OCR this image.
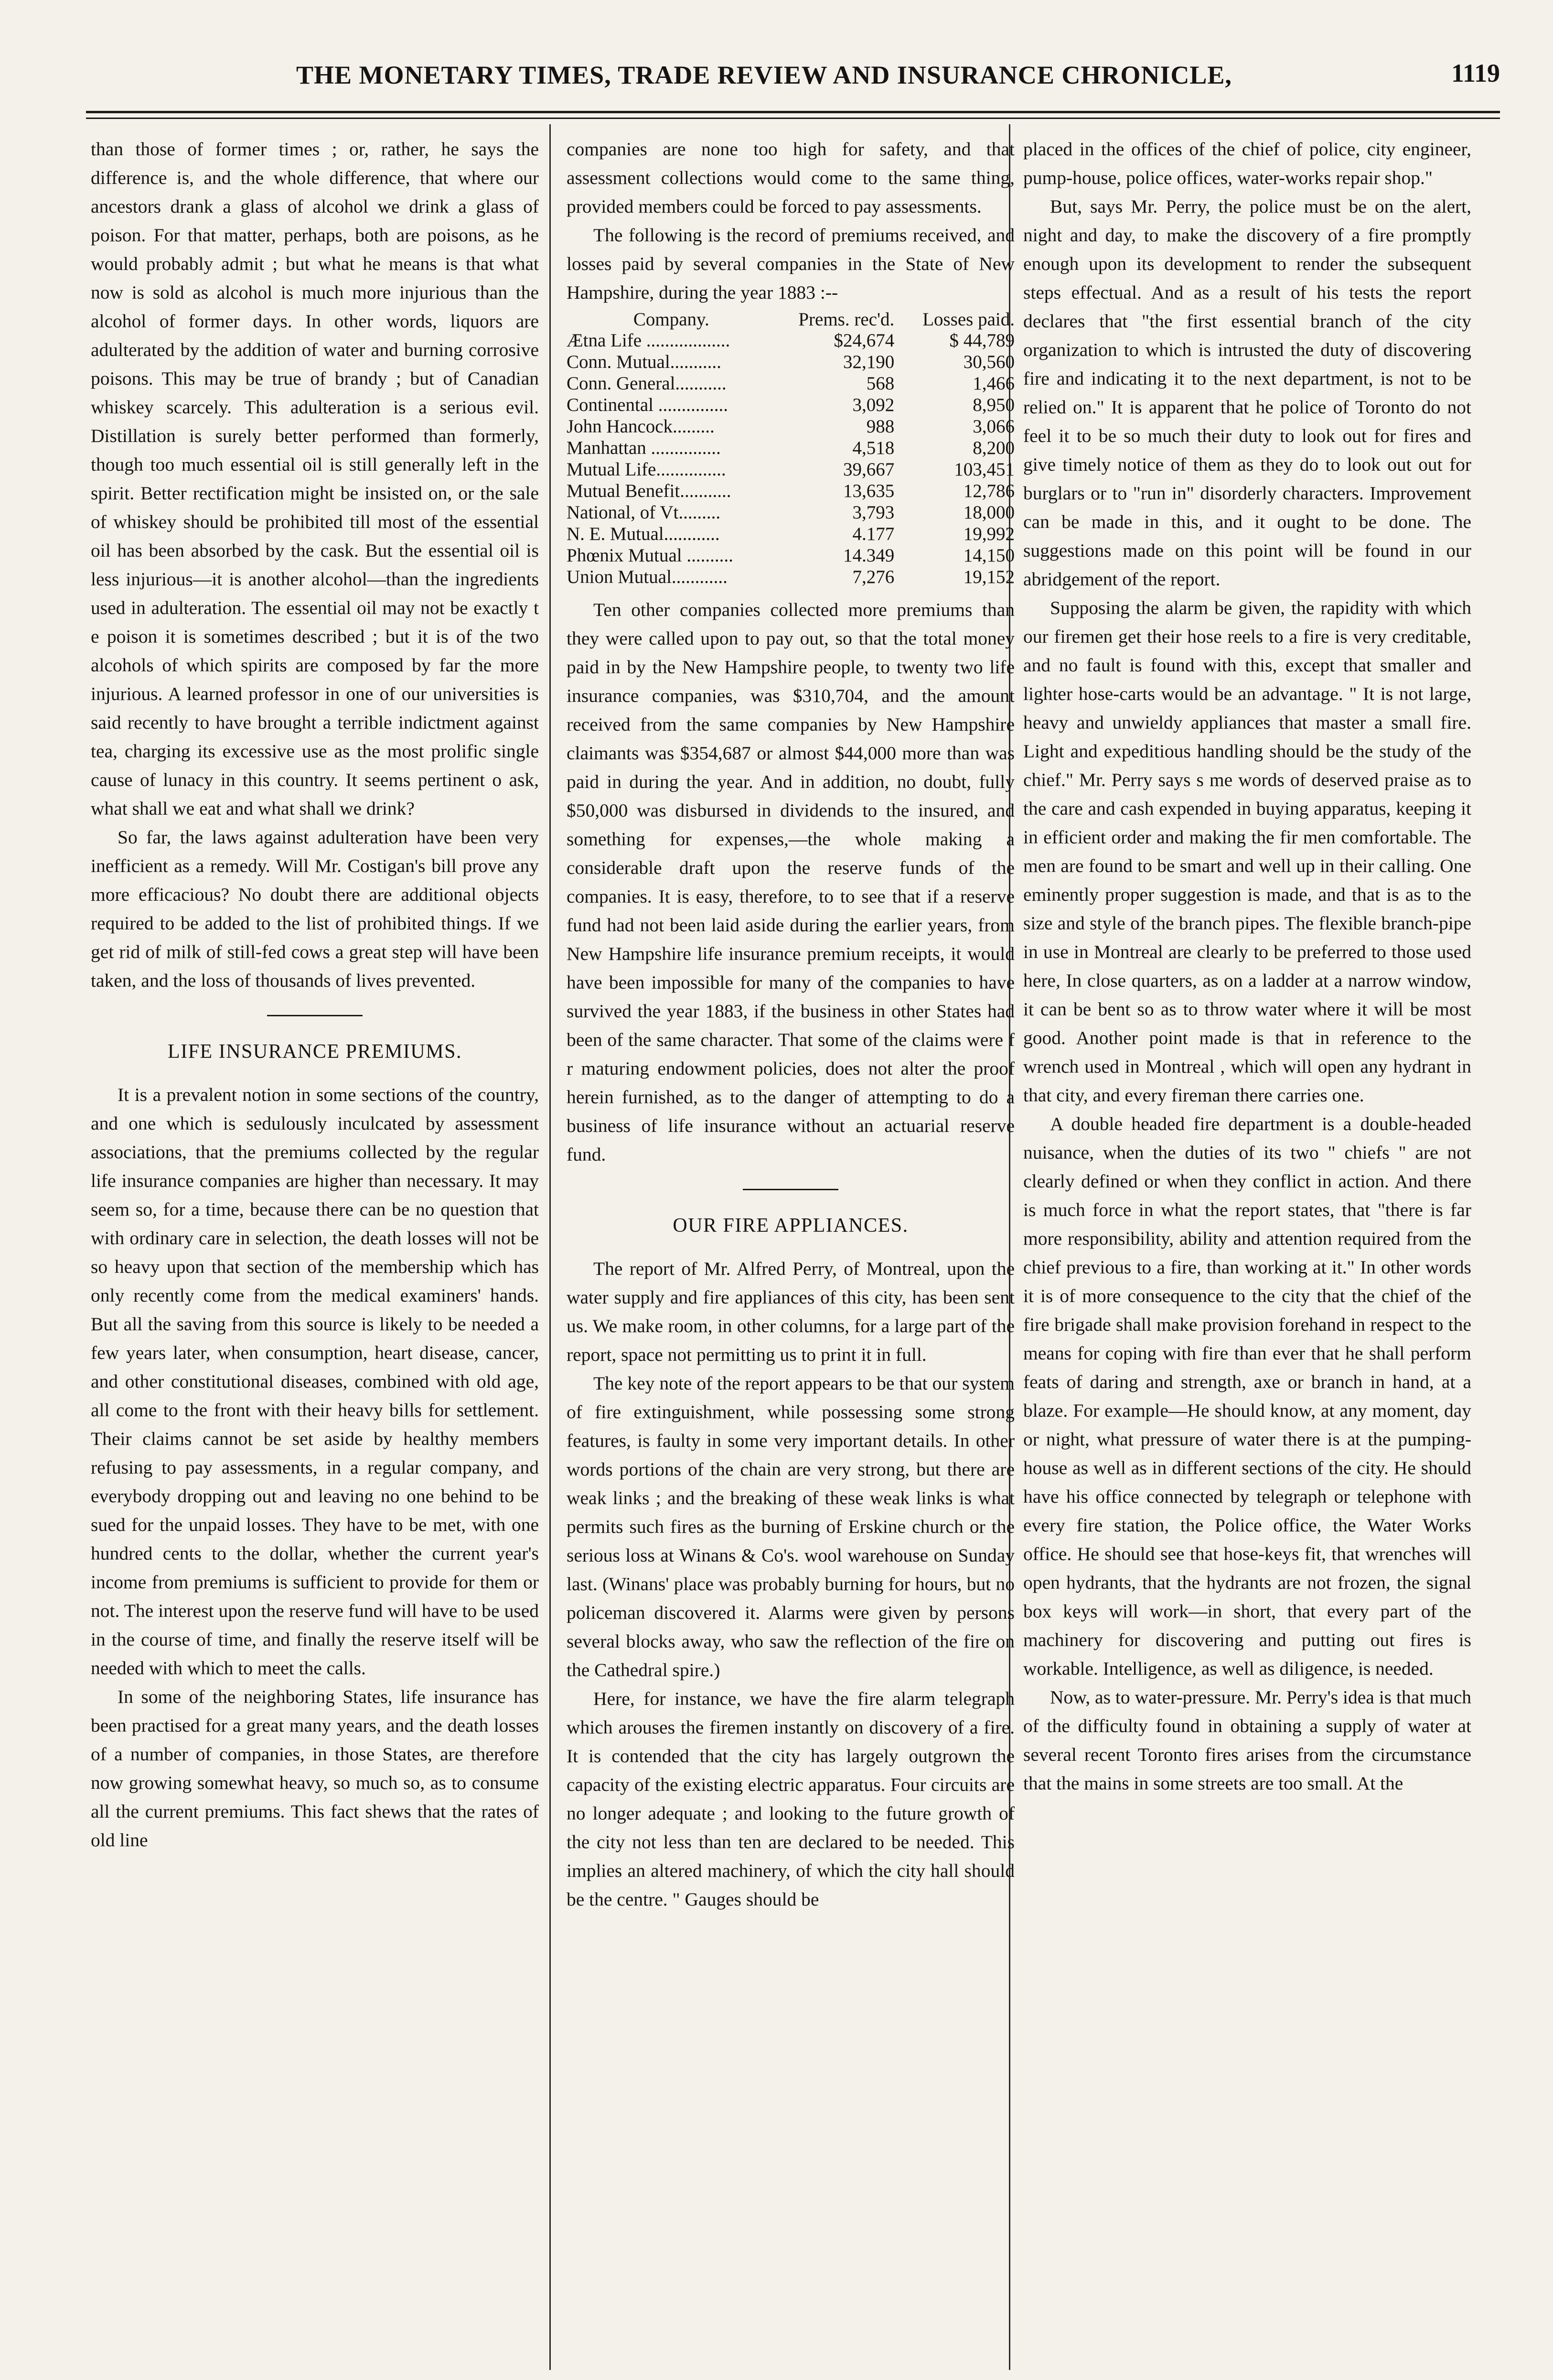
THE MONETARY TIMES, TRADE REVIEW AND INSURANCE CHRONICLE,	1119

than those of former times ; or, rather, he says the difference is, and the whole difference, that where our ancestors drank a glass of alcohol we drink a glass of poison. For that matter, perhaps, both are poisons, as he would probably admit ; but what he means is that what now is sold as alcohol is much more injurious than the alcohol of former days. In other words, liquors are adulterated by the addition of water and burning corrosive poisons. This may be true of brandy ; but of Canadian whiskey scarcely. This adulteration is a serious evil. Distillation is surely better performed than formerly, though too much essential oil is still generally left in the spirit. Better rectification might be insisted on, or the sale of whiskey should be prohibited till most of the essential oil has been absorbed by the cask. But the essential oil is less injurious—it is another alcohol—than the ingredients used in adulteration. The essential oil may not be exactly t e poison it is sometimes described ; but it is of the two alcohols of which spirits are composed by far the more injurious. A learned professor in one of our universities is said recently to have brought a terrible indictment against tea, charging its excessive use as the most prolific single cause of lunacy in this country. It seems pertinent o ask, what shall we eat and what shall we drink?

So far, the laws against adulteration have been very inefficient as a remedy. Will Mr. Costigan's bill prove any more efficacious? No doubt there are additional objects required to be added to the list of prohibited things. If we get rid of milk of still-fed cows a great step will have been taken, and the loss of thousands of lives prevented.

LIFE INSURANCE PREMIUMS.

It is a prevalent notion in some sections of the country, and one which is sedulously inculcated by assessment associations, that the premiums collected by the regular life insurance companies are higher than necessary. It may seem so, for a time, because there can be no question that with ordinary care in selection, the death losses will not be so heavy upon that section of the membership which has only recently come from the medical examiners' hands. But all the saving from this source is likely to be needed a few years later, when consumption, heart disease, cancer, and other constitutional diseases, combined with old age, all come to the front with their heavy bills for settlement. Their claims cannot be set aside by healthy members refusing to pay assessments, in a regular company, and everybody dropping out and leaving no one behind to be sued for the unpaid losses. They have to be met, with one hundred cents to the dollar, whether the current year's income from premiums is sufficient to provide for them or not. The interest upon the reserve fund will have to be used in the course of time, and finally the reserve itself will be needed with which to meet the calls.

In some of the neighboring States, life insurance has been practised for a great many years, and the death losses of a number of companies, in those States, are therefore now growing somewhat heavy, so much so, as to consume all the current premiums. This fact shews that the rates of old line

companies are none too high for safety, and that assessment collections would come to the same thing, provided members could be forced to pay assessments.

The following is the record of premiums received, and losses paid by several companies in the State of New Hampshire, during the year 1883 :--

Company.	Prems. rec'd.	Losses paid.
Ætna Life ..................	$24,674	$ 44,789
Conn. Mutual...........	32,190	30,560
Conn. General...........	568	1,466
Continental ...............	3,092	8,950
John Hancock.........	988	3,066
Manhattan ...............	4,518	8,200
Mutual Life...............	39,667	103,451
Mutual Benefit...........	13,635	12,786
National, of Vt.........	3,793	18,000
N. E. Mutual............	4.177	19,992
Phœnix Mutual ..........	14.349	14,150
Union Mutual............	7,276	19,152

Ten other companies collected more premiums than they were called upon to pay out, so that the total money paid in by the New Hampshire people, to twenty two life insurance companies, was $310,704, and the amount received from the same companies by New Hampshire claimants was $354,687 or almost $44,000 more than was paid in during the year. And in addition, no doubt, fully $50,000 was disbursed in dividends to the insured, and something for expenses,—the whole making a considerable draft upon the reserve funds of the companies. It is easy, therefore, to to see that if a reserve fund had not been laid aside during the earlier years, from New Hampshire life insurance premium receipts, it would have been impossible for many of the companies to have survived the year 1883, if the business in other States had been of the same character. That some of the claims were f r maturing endowment policies, does not alter the proof herein furnished, as to the danger of attempting to do a business of life insurance without an actuarial reserve fund.

OUR FIRE APPLIANCES.

The report of Mr. Alfred Perry, of Montreal, upon the water supply and fire appliances of this city, has been sent us. We make room, in other columns, for a large part of the report, space not permitting us to print it in full.

The key note of the report appears to be that our system of fire extinguishment, while possessing some strong features, is faulty in some very important details. In other words portions of the chain are very strong, but there are weak links ; and the breaking of these weak links is what permits such fires as the burning of Erskine church or the serious loss at Winans & Co's. wool warehouse on Sunday last. (Winans' place was probably burning for hours, but no policeman discovered it. Alarms were given by persons several blocks away, who saw the reflection of the fire on the Cathedral spire.)

Here, for instance, we have the fire alarm telegraph which arouses the firemen instantly on discovery of a fire. It is contended that the city has largely outgrown the capacity of the existing electric apparatus. Four circuits are no longer adequate ; and looking to the future growth of the city not less than ten are declared to be needed. This implies an altered machinery, of which the city hall should be the centre. " Gauges should be

placed in the offices of the chief of police, city engineer, pump-house, police offices, water-works repair shop."

But, says Mr. Perry, the police must be on the alert, night and day, to make the discovery of a fire promptly enough upon its development to render the subsequent steps effectual. And as a result of his tests the report declares that "the first essential branch of the city organization to which is intrusted the duty of discovering fire and indicating it to the next department, is not to be relied on." It is apparent that he police of Toronto do not feel it to be so much their duty to look out for fires and give timely notice of them as they do to look out out for burglars or to "run in" disorderly characters. Improvement can be made in this, and it ought to be done. The suggestions made on this point will be found in our abridgement of the report.

Supposing the alarm be given, the rapidity with which our firemen get their hose reels to a fire is very creditable, and no fault is found with this, except that smaller and lighter hose-carts would be an advantage. " It is not large, heavy and unwieldy appliances that master a small fire. Light and expeditious handling should be the study of the chief." Mr. Perry says s me words of deserved praise as to the care and cash expended in buying apparatus, keeping it in efficient order and making the fir men comfortable. The men are found to be smart and well up in their calling. One eminently proper suggestion is made, and that is as to the size and style of the branch pipes. The flexible branch-pipe in use in Montreal are clearly to be preferred to those used here, In close quarters, as on a ladder at a narrow window, it can be bent so as to throw water where it will be most good. Another point made is that in reference to the wrench used in Montreal , which will open any hydrant in that city, and every fireman there carries one.

A double headed fire department is a double-headed nuisance, when the duties of its two " chiefs " are not clearly defined or when they conflict in action. And there is much force in what the report states, that "there is far more responsibility, ability and attention required from the chief previous to a fire, than working at it." In other words it is of more consequence to the city that the chief of the fire brigade shall make provision forehand in respect to the means for coping with fire than ever that he shall perform feats of daring and strength, axe or branch in hand, at a blaze. For example—He should know, at any moment, day or night, what pressure of water there is at the pumping-house as well as in different sections of the city. He should have his office connected by telegraph or telephone with every fire station, the Police office, the Water Works office. He should see that hose-keys fit, that wrenches will open hydrants, that the hydrants are not frozen, the signal box keys will work—in short, that every part of the machinery for discovering and putting out fires is workable. Intelligence, as well as diligence, is needed.

Now, as to water-pressure. Mr. Perry's idea is that much of the difficulty found in obtaining a supply of water at several recent Toronto fires arises from the circumstance that the mains in some streets are too small. At the
